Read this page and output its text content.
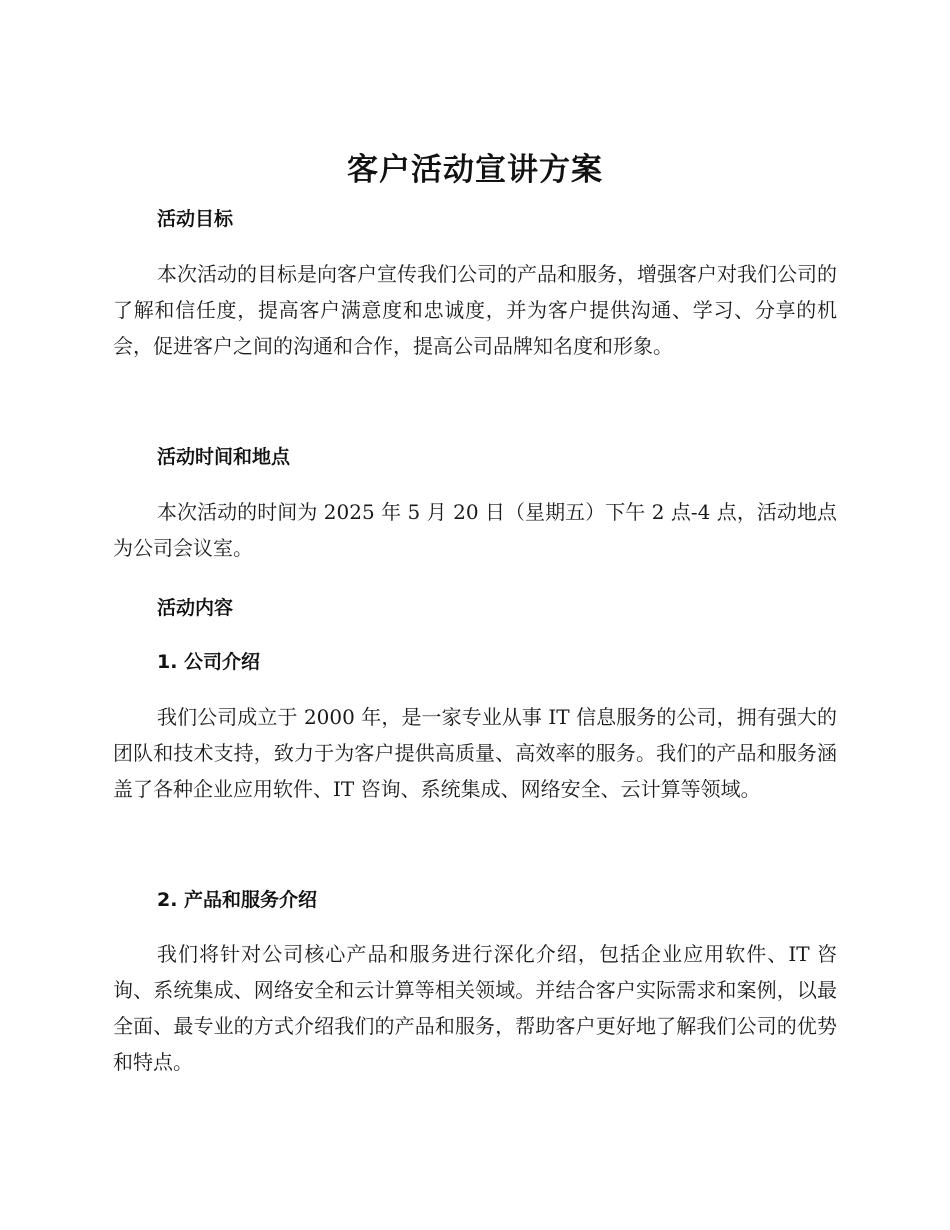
客户活动宣讲方案
活动目标

本次活动的目标是向客户宣传我们公司的产品和服务，增强客户对我们公司的了解和信任度，提高客户满意度和忠诚度，并为客户提供沟通、学习、分享的机会，促进客户之间的沟通和合作，提高公司品牌知名度和形象。

活动时间和地点

本次活动的时间为 2025 年 5 月 20 日（星期五）下午 2 点-4 点，活动地点为公司会议室。

活动内容
1. 公司介绍

我们公司成立于 2000 年，是一家专业从事 IT 信息服务的公司，拥有强大的团队和技术支持，致力于为客户提供高质量、高效率的服务。我们的产品和服务涵盖了各种企业应用软件、IT 咨询、系统集成、网络安全、云计算等领域。

2. 产品和服务介绍

我们将针对公司核心产品和服务进行深化介绍，包括企业应用软件、IT 咨询、系统集成、网络安全和云计算等相关领域。并结合客户实际需求和案例，以最全面、最专业的方式介绍我们的产品和服务，帮助客户更好地了解我们公司的优势和特点。
